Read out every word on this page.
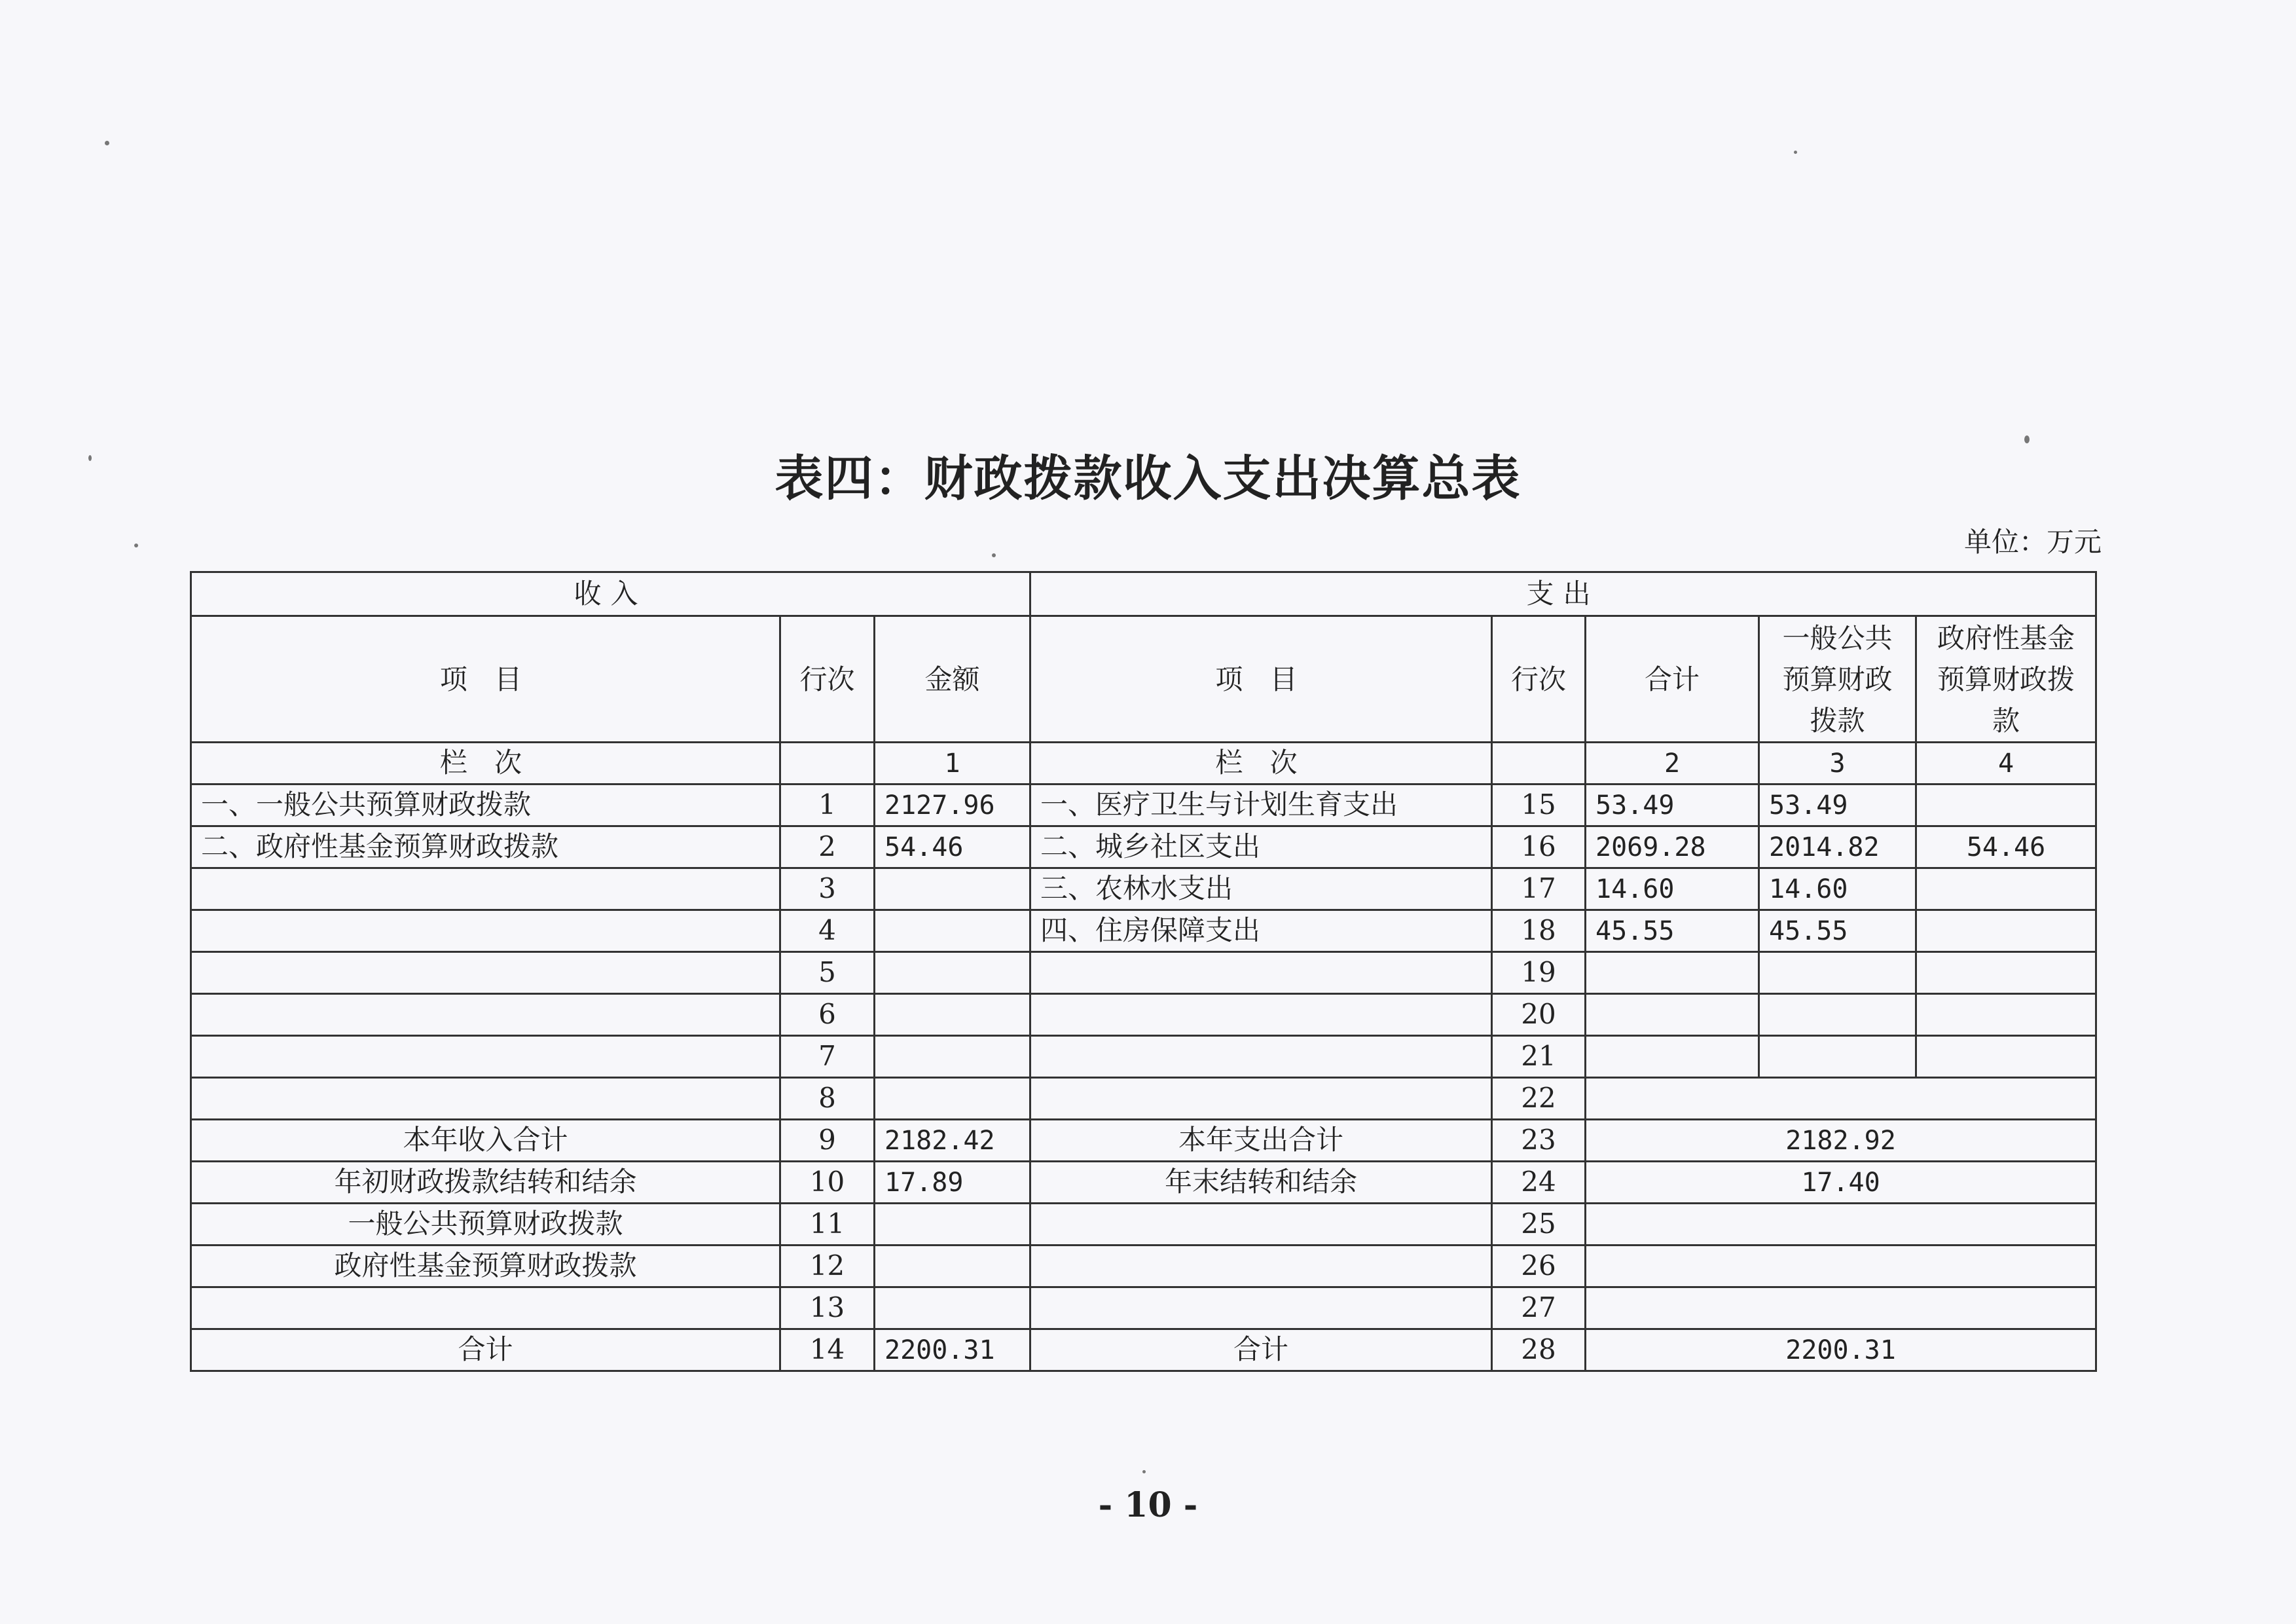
表四：财政拨款收入支出决算总表
单位：万元
收入			支出				
项 目	行次	金额	项 目	行次	合计	一般公共预算财政拨款	政府性基金预算财政拨款
栏 次		1	栏 次		2	3	4
一、一般公共预算财政拨款	1	2127.96	一、医疗卫生与计划生育支出	15	53.49	53.49	
二、政府性基金预算财政拨款	2	54.46	二、城乡社区支出	16	2069.28	2014.82	54.46
	3		三、农林水支出	17	14.60	14.60	
	4		四、住房保障支出	18	45.55	45.55	
	5			19			
	6			20			
	7			21			
	8			22			
本年收入合计	9	2182.42	本年支出合计	23	2182.92		
年初财政拨款结转和结余	10	17.89	年末结转和结余	24	17.40		
一般公共预算财政拨款	11			25			
政府性基金预算财政拨款	12			26			
	13			27			
合计	14	2200.31	合计	28	2200.31		
- 10 -
